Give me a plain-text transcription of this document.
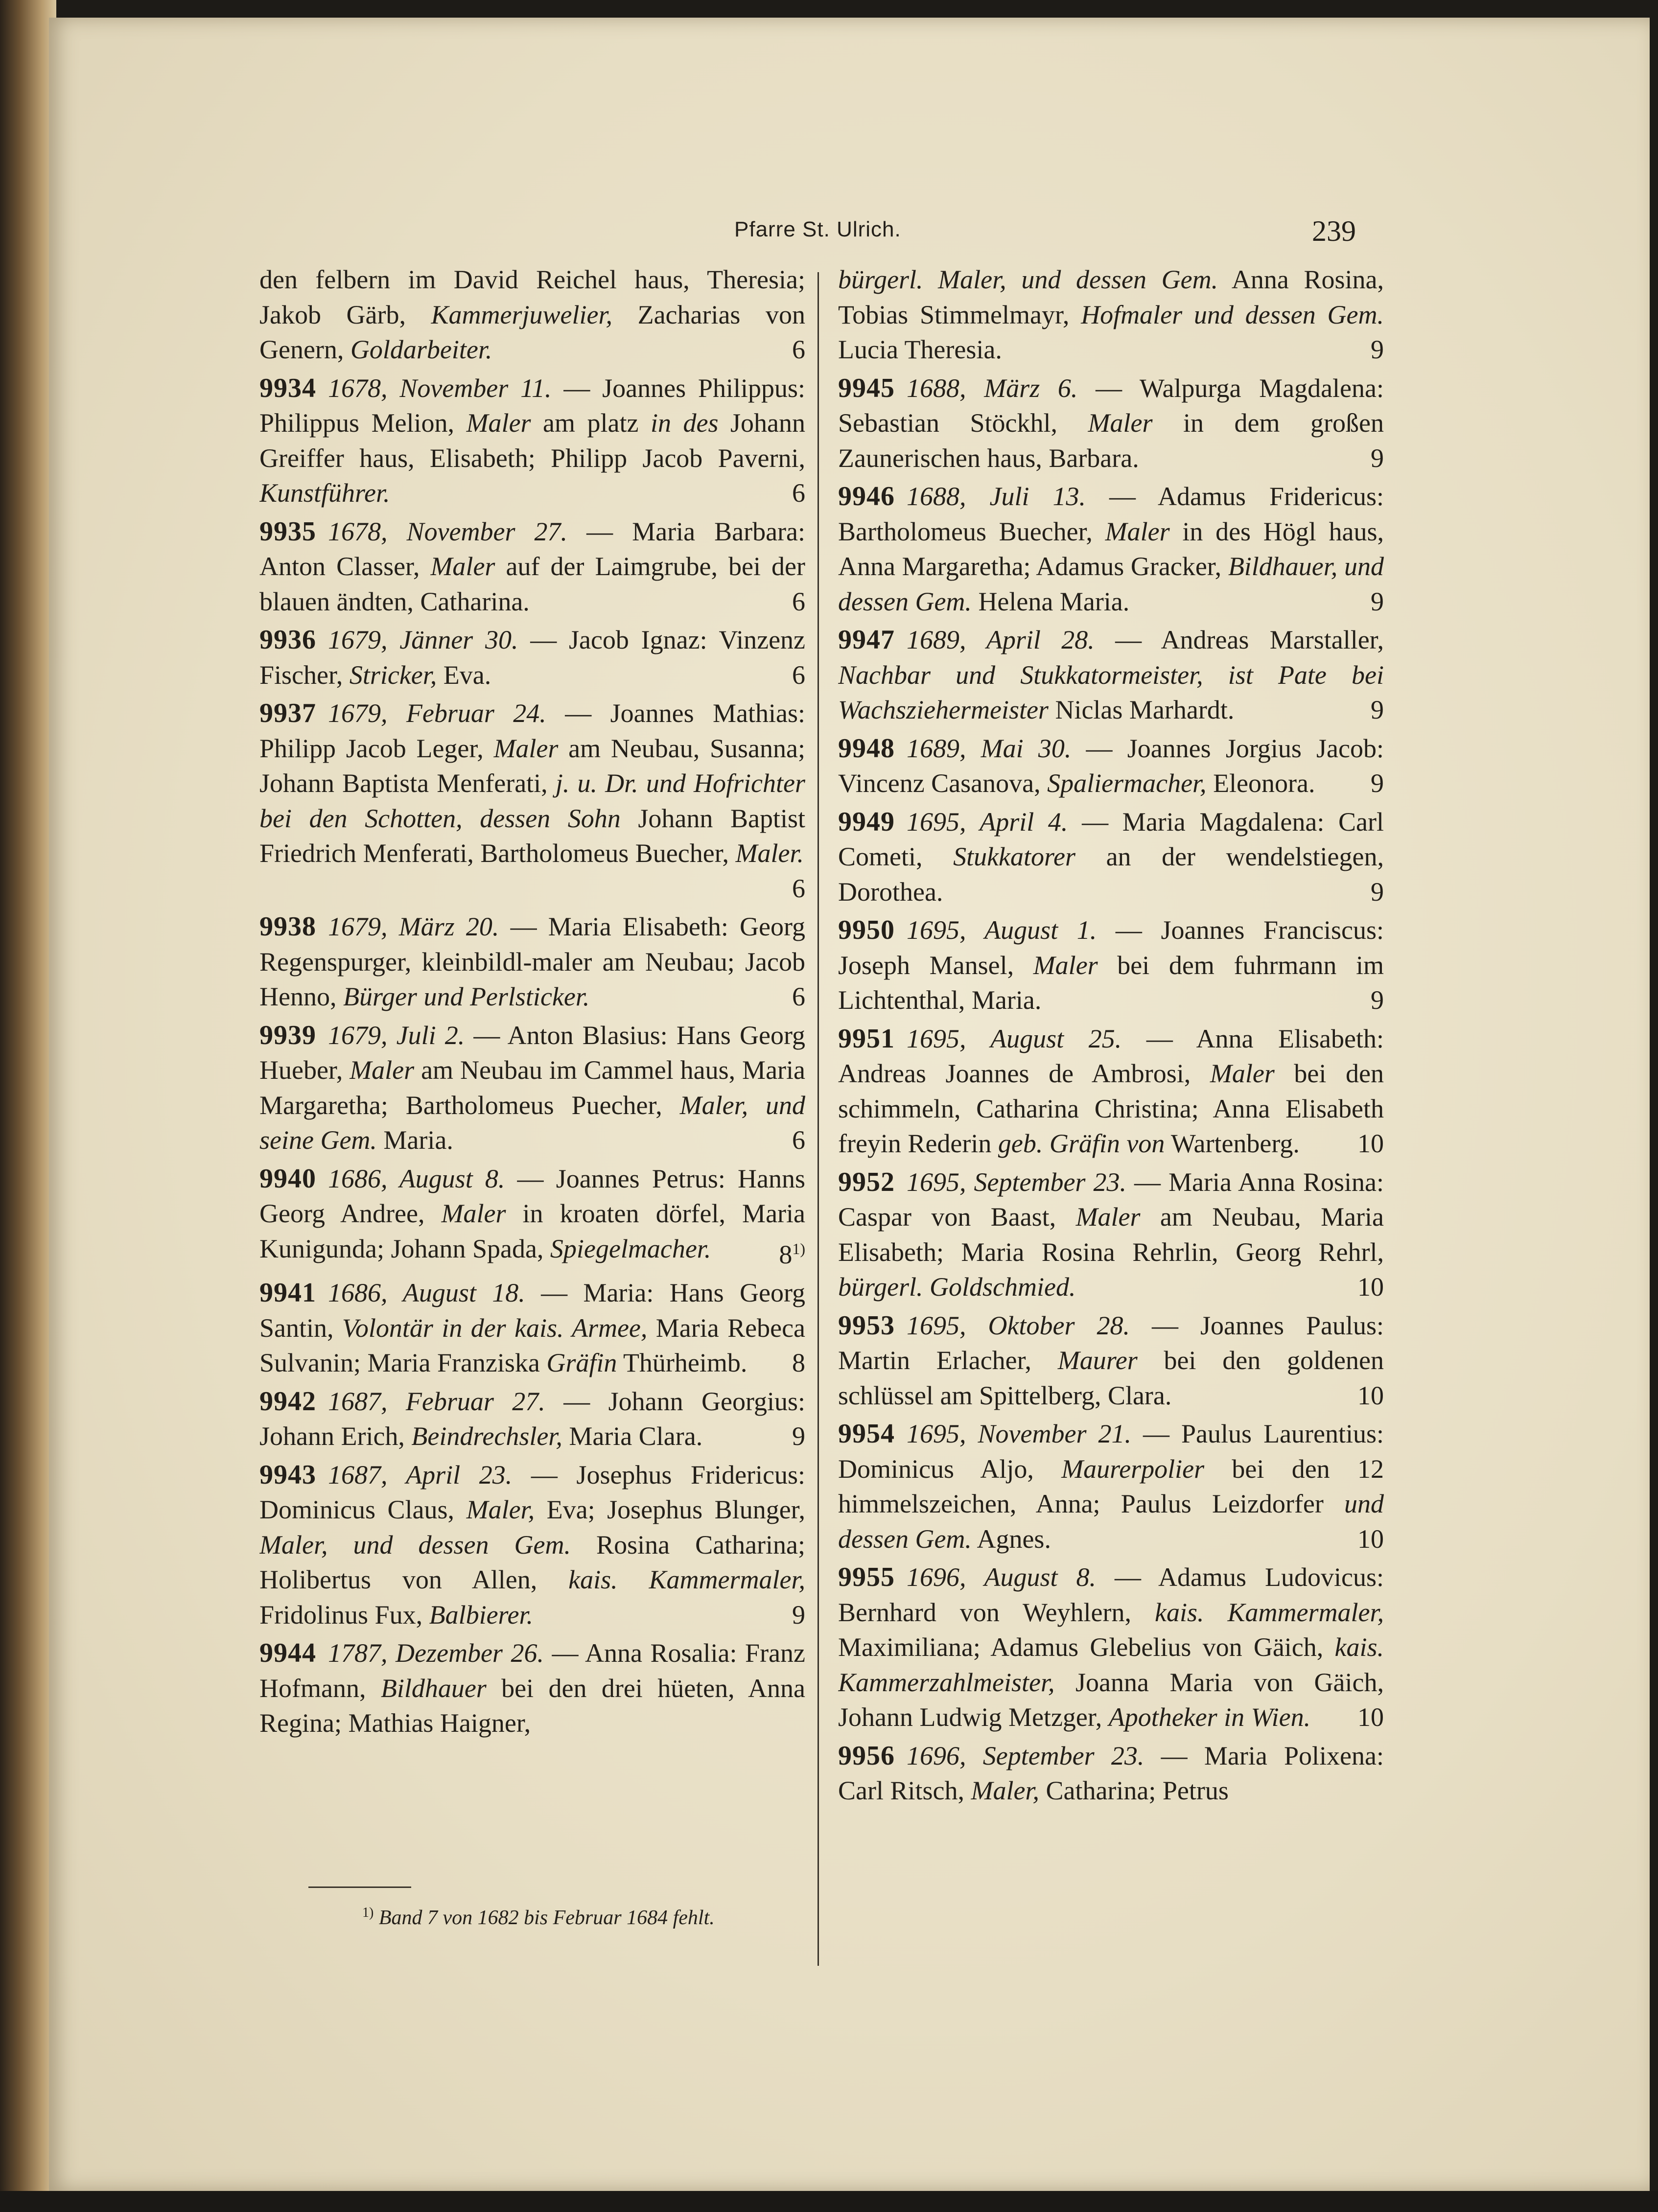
Pfarre St. Ulrich.	239

den felbern im David Reichel haus, Theresia; Jakob Gärb, Kammerjuwelier, Zacharias von Genern, Goldarbeiter.	6

9934 1678, November 11. — Joannes Philippus: Philippus Melion, Maler am platz in des Johann Greiffer haus, Elisabeth; Philipp Jacob Paverni, Kunstführer.	6

9935 1678, November 27. — Maria Barbara: Anton Classer, Maler auf der Laimgrube, bei der blauen ändten, Catharina.	6

9936 1679, Jänner 30. — Jacob Ignaz: Vinzenz Fischer, Stricker, Eva.	6

9937 1679, Februar 24. — Joannes Mathias: Philipp Jacob Leger, Maler am Neubau, Susanna; Johann Baptista Menferati, j. u. Dr. und Hofrichter bei den Schotten, dessen Sohn Johann Baptist Friedrich Menferati, Bartholomeus Buecher, Maler.
6

9938 1679, März 20. — Maria Elisabeth: Georg Regenspurger, kleinbildl-maler am Neubau; Jacob Henno, Bürger und Perlsticker.	6

9939 1679, Juli 2. — Anton Blasius: Hans Georg Hueber, Maler am Neubau im Cammel haus, Maria Margaretha; Bartholomeus Puecher, Maler, und seine Gem. Maria.	6

9940 1686, August 8. — Joannes Petrus: Hanns Georg Andree, Maler in kroaten dörfel, Maria Kunigunda; Johann Spada, Spiegelmacher.	8$^{1)}$

9941 1686, August 18. — Maria: Hans Georg Santin, Volontär in der kais. Armee, Maria Rebeca Sulvanin; Maria Franziska Gräfin Thürheimb. 8

9942 1687, Februar 27. — Johann Georgius: Johann Erich, Beindrechsler, Maria Clara.	9

9943 1687, April 23. — Josephus Fridericus: Dominicus Claus, Maler, Eva; Josephus Blunger, Maler, und dessen Gem. Rosina Catharina; Holibertus von Allen, kais. Kammermaler, Fridolinus Fux, Balbierer.	9

9944 1787, Dezember 26. — Anna Rosalia: Franz Hofmann, Bildhauer bei den drei hüeten, Anna Regina; Mathias Haigner,

bürgerl. Maler, und dessen Gem. Anna Rosina, Tobias Stimmelmayr, Hofmaler und dessen Gem. Lucia Theresia.	9

9945 1688, März 6. — Walpurga Magdalena: Sebastian Stöckhl, Maler in dem großen Zaunerischen haus, Barbara.	9

9946 1688, Juli 13. — Adamus Fridericus: Bartholomeus Buecher, Maler in des Högl haus, Anna Margaretha; Adamus Gracker, Bildhauer, und dessen Gem. Helena Maria.	9

9947 1689, April 28. — Andreas Marstaller, Nachbar und Stukkatormeister, ist Pate bei Wachsziehermeister Niclas Marhardt.	9

9948 1689, Mai 30. — Joannes Jorgius Jacob: Vincenz Casanova, Spaliermacher, Eleonora. 9

9949 1695, April 4. — Maria Magdalena: Carl Cometi, Stukkatorer an der wendelstiegen, Dorothea.	9

9950 1695, August 1. — Joannes Franciscus: Joseph Mansel, Maler bei dem fuhrmann im Lichtenthal, Maria.	9

9951 1695, August 25. — Anna Elisabeth: Andreas Joannes de Ambrosi, Maler bei den schimmeln, Catharina Christina; Anna Elisabeth freyin Rederin geb. Gräfin von Wartenberg. 10

9952 1695, September 23. — Maria Anna Rosina: Caspar von Baast, Maler am Neubau, Maria Elisabeth; Maria Rosina Rehrlin, Georg Rehrl, bürgerl. Goldschmied.	10

9953 1695, Oktober 28. — Joannes Paulus: Martin Erlacher, Maurer bei den goldenen schlüssel am Spittelberg, Clara.	10

9954 1695, November 21. — Paulus Laurentius: Dominicus Aljo, Maurerpolier bei den 12 himmelszeichen, Anna; Paulus Leizdorfer und dessen Gem. Agnes.	10

9955 1696, August 8. — Adamus Ludovicus: Bernhard von Weyhlern, kais. Kammermaler, Maximiliana; Adamus Glebelius von Gäich, kais. Kammerzahlmeister, Joanna Maria von Gäich, Johann Ludwig Metzger, Apotheker in Wien. 10

9956 1696, September 23. — Maria Polixena: Carl Ritsch, Maler, Catharina; Petrus

$^{1)}$ Band 7 von 1682 bis Februar 1684 fehlt.
